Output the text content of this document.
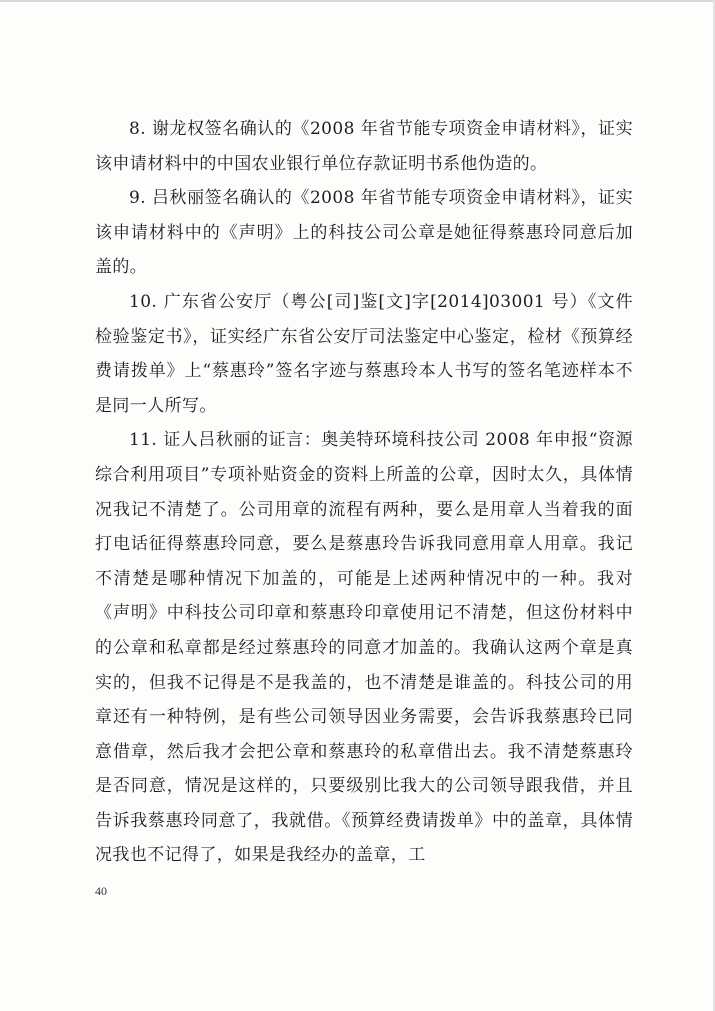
8. 谢龙权签名确认的《2008 年省节能专项资金申请材料》，证实该申请材料中的中国农业银行单位存款证明书系他伪造的。

9. 吕秋丽签名确认的《2008 年省节能专项资金申请材料》，证实该申请材料中的《声明》上的科技公司公章是她征得蔡惠玲同意后加盖的。

10. 广东省公安厅（粤公[司]鉴[文]字[2014]03001 号）《文件检验鉴定书》，证实经广东省公安厅司法鉴定中心鉴定，检材《预算经费请拨单》上“蔡惠玲”签名字迹与蔡惠玲本人书写的签名笔迹样本不是同一人所写。

11. 证人吕秋丽的证言：奥美特环境科技公司 2008 年申报“资源综合利用项目”专项补贴资金的资料上所盖的公章，因时太久，具体情况我记不清楚了。公司用章的流程有两种，要么是用章人当着我的面打电话征得蔡惠玲同意，要么是蔡惠玲告诉我同意用章人用章。我记不清楚是哪种情况下加盖的，可能是上述两种情况中的一种。我对《声明》中科技公司印章和蔡惠玲印章使用记不清楚，但这份材料中的公章和私章都是经过蔡惠玲的同意才加盖的。我确认这两个章是真实的，但我不记得是不是我盖的，也不清楚是谁盖的。科技公司的用章还有一种特例，是有些公司领导因业务需要，会告诉我蔡惠玲已同意借章，然后我才会把公章和蔡惠玲的私章借出去。我不清楚蔡惠玲是否同意，情况是这样的，只要级别比我大的公司领导跟我借，并且告诉我蔡惠玲同意了，我就借。《预算经费请拨单》中的盖章，具体情况我也不记得了，如果是我经办的盖章，工

40
